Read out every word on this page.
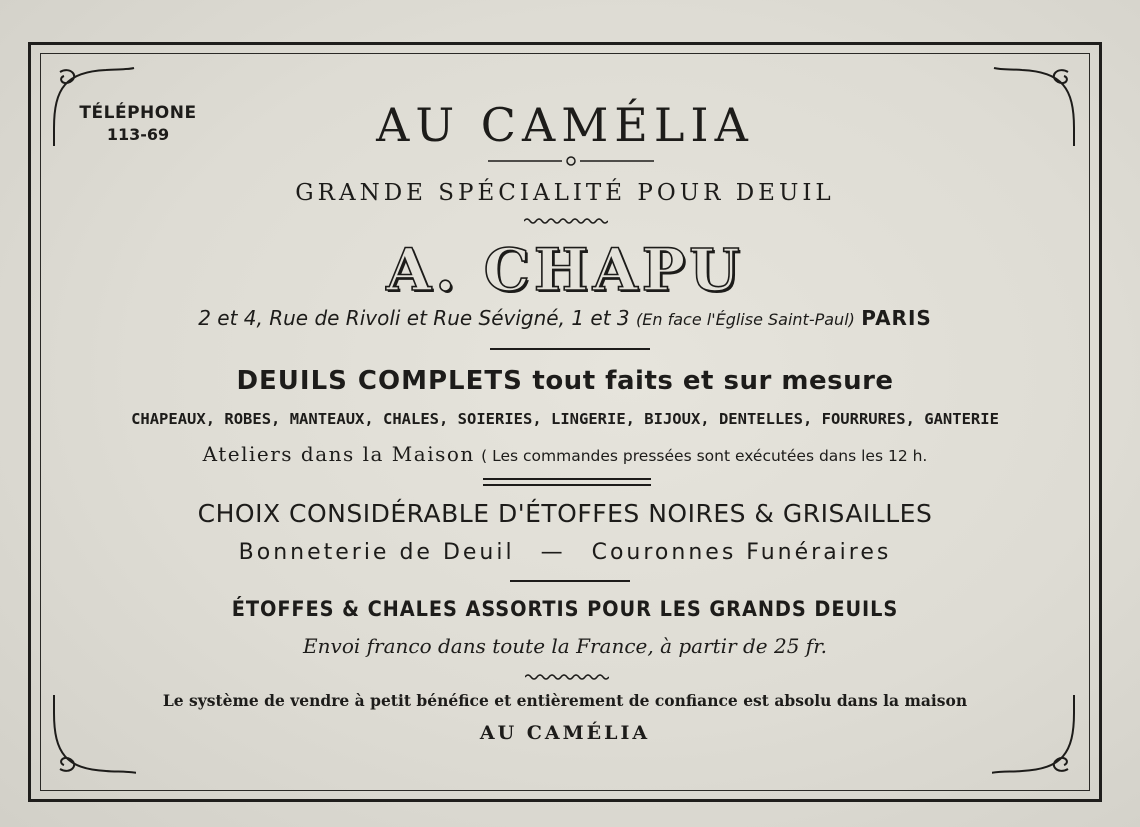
TÉLÉPHONE
113-69	AU CAMÉLIA
GRANDE SPÉCIALITÉ POUR DEUIL
A. CHAPU
2 et 4, Rue de Rivoli et Rue Sévigné, 1 et 3 (En face l'Église Saint-Paul) PARIS
DEUILS COMPLETS tout faits et sur mesure
CHAPEAUX, ROBES, MANTEAUX, CHALES, SOIERIES, LINGERIE, BIJOUX, DENTELLES, FOURRURES, GANTERIE
Ateliers dans la Maison ( Les commandes pressées sont exécutées dans les 12 h.
CHOIX CONSIDÉRABLE D'ÉTOFFES NOIRES & GRISAILLES
Bonneterie de Deuil — Couronnes Funéraires
ÉTOFFES & CHALES ASSORTIS POUR LES GRANDS DEUILS
Envoi franco dans toute la France, à partir de 25 fr.
Le système de vendre à petit bénéfice et entièrement de confiance est absolu dans la maison
AU CAMÉLIA
